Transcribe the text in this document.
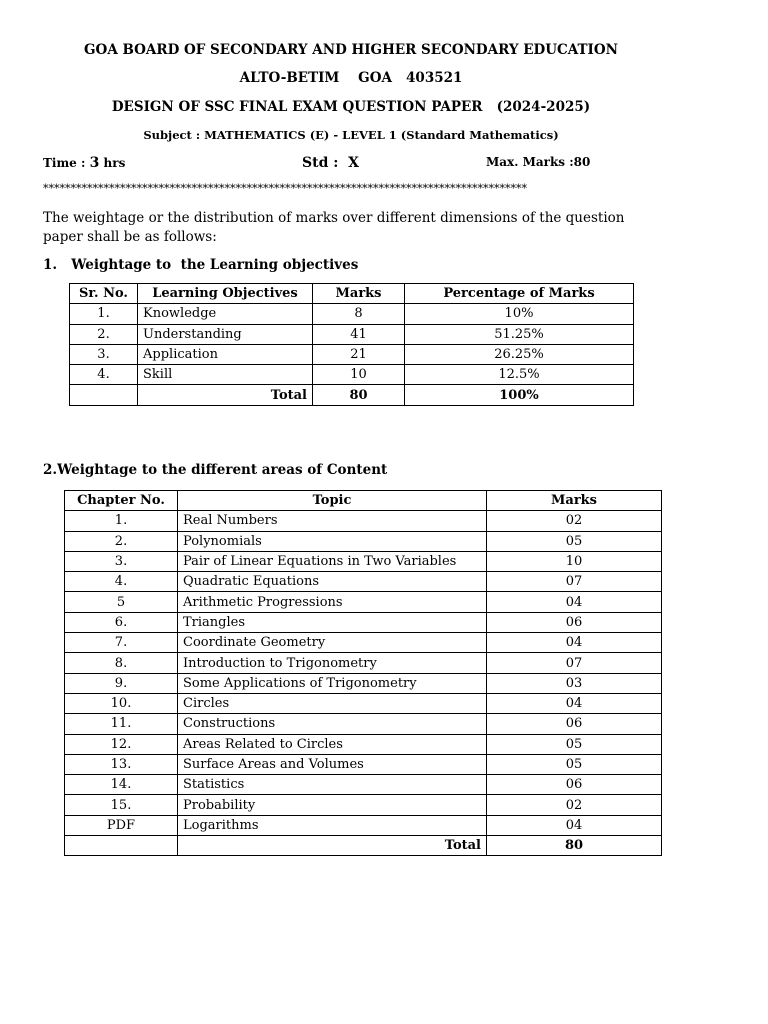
GOA BOARD OF SECONDARY AND HIGHER SECONDARY EDUCATION
ALTO-BETIM    GOA   403521
DESIGN OF SSC FINAL EXAM QUESTION PAPER   (2024-2025)
Subject : MATHEMATICS (E) - LEVEL 1 (Standard Mathematics)
Time : 3 hrs	Std :  X	Max. Marks :80
****************************************************************************************
The weightage or the distribution of marks over different dimensions of the question paper shall be as follows:
1.   Weightage to  the Learning objectives
Sr. No.	Learning Objectives	Marks	Percentage of Marks
1.	Knowledge	8	10%
2.	Understanding	41	51.25%
3.	Application	21	26.25%
4.	Skill	10	12.5%
	Total	80	100%
2.Weightage to the different areas of Content
Chapter No.	Topic	Marks
1.	Real Numbers	02
2.	Polynomials	05
3.	Pair of Linear Equations in Two Variables	10
4.	Quadratic Equations	07
5	Arithmetic Progressions	04
6.	Triangles	06
7.	Coordinate Geometry	04
8.	Introduction to Trigonometry	07
9.	Some Applications of Trigonometry	03
10.	Circles	04
11.	Constructions	06
12.	Areas Related to Circles	05
13.	Surface Areas and Volumes	05
14.	Statistics	06
15.	Probability	02
PDF	Logarithms	04
	Total	80
